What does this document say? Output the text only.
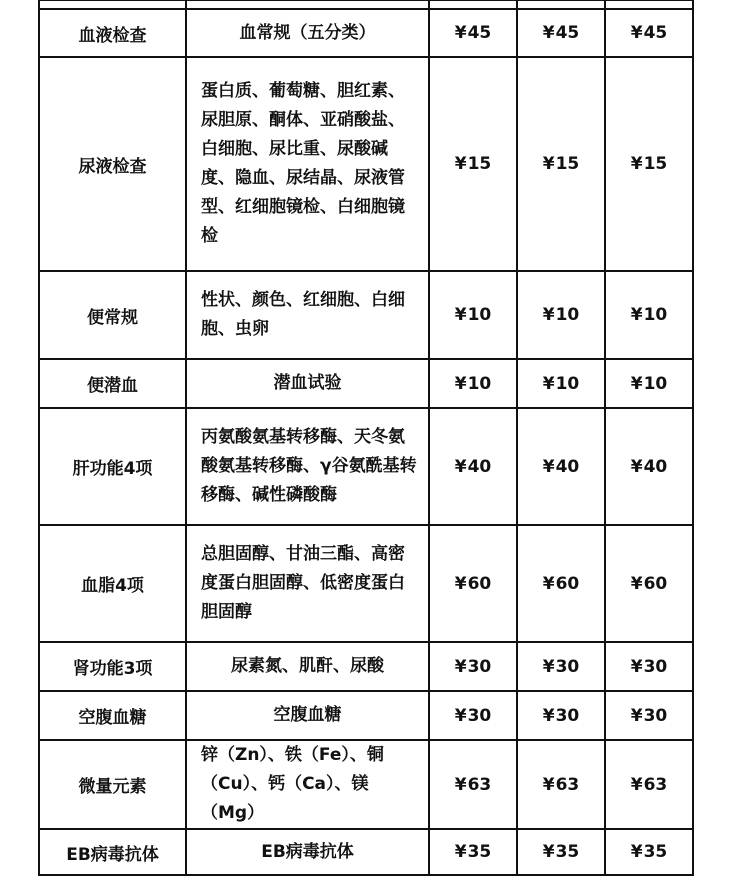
血液检查	血常规（五分类）	¥45	¥45	¥45
尿液检查	蛋白质、葡萄糖、胆红素、尿胆原、酮体、亚硝酸盐、白细胞、尿比重、尿酸碱度、隐血、尿结晶、尿液管型、红细胞镜检、白细胞镜检	¥15	¥15	¥15
便常规	性状、颜色、红细胞、白细胞、虫卵	¥10	¥10	¥10
便潜血	潜血试验	¥10	¥10	¥10
肝功能4项	丙氨酸氨基转移酶、天冬氨酸氨基转移酶、γ谷氨酰基转移酶、碱性磷酸酶	¥40	¥40	¥40
血脂4项	总胆固醇、甘油三酯、高密度蛋白胆固醇、低密度蛋白胆固醇	¥60	¥60	¥60
肾功能3项	尿素氮、肌酐、尿酸	¥30	¥30	¥30
空腹血糖	空腹血糖	¥30	¥30	¥30
微量元素	锌（Zn）、铁（Fe）、铜（Cu）、钙（Ca）、镁（Mg）	¥63	¥63	¥63
EB病毒抗体	EB病毒抗体	¥35	¥35	¥35
